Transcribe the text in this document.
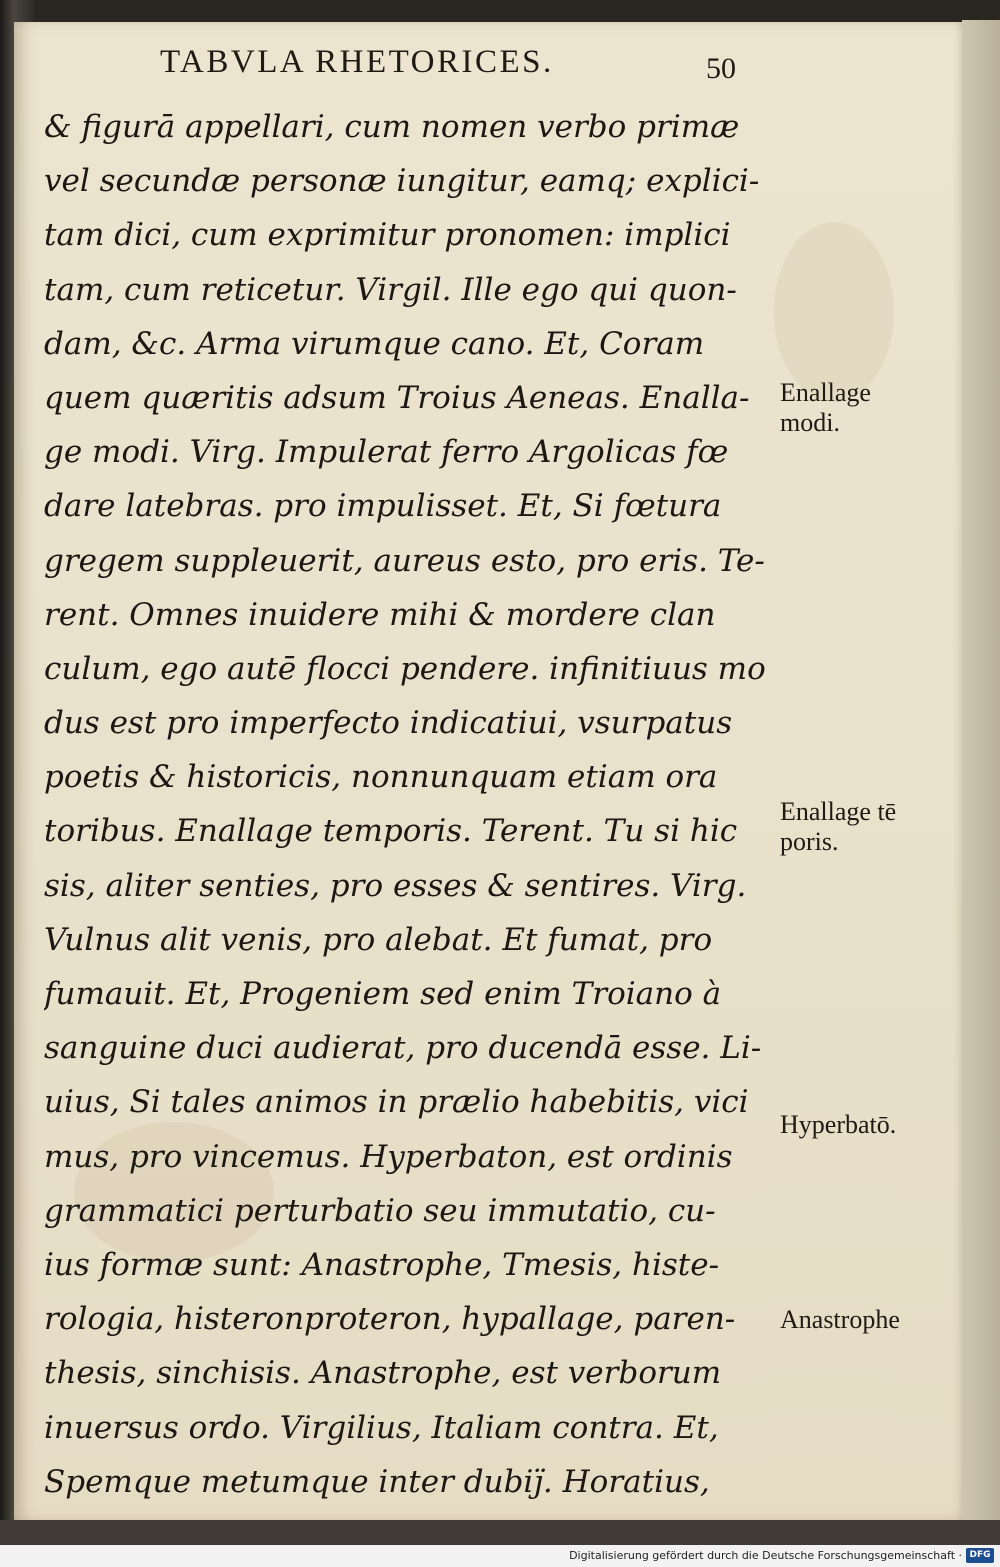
TABVLA RHETORICES.	50
& figurā appellari, cum nomen verbo primæ
vel secundæ personæ iungitur, eamq; explici-
tam dici, cum exprimitur pronomen: implici
tam, cum reticetur. Virgil. Ille ego qui quon-
dam, &c. Arma virumque cano. Et, Coram
quem quæritis adsum Troius Aeneas. Enalla-
ge modi. Virg. Impulerat ferro Argolicas fœ
dare latebras. pro impulisset. Et, Si fœtura
gregem suppleuerit, aureus esto, pro eris. Te-
rent. Omnes inuidere mihi & mordere clan
culum, ego autē flocci pendere. infinitiuus mo
dus est pro imperfecto indicatiui, vsurpatus
poetis & historicis, nonnunquam etiam ora
toribus. Enallage temporis. Terent. Tu si hic
sis, aliter senties, pro esses & sentires. Virg.
Vulnus alit venis, pro alebat. Et fumat, pro
fumauit. Et, Progeniem sed enim Troiano à
sanguine duci audierat, pro ducendā esse. Li-
uius, Si tales animos in prælio habebitis, vici
mus, pro vincemus. Hyperbaton, est ordinis
grammatici perturbatio seu immutatio, cu-
ius formæ sunt: Anastrophe, Tmesis, histe-
rologia, histeronproteron, hypallage, paren-
thesis, sinchisis. Anastrophe, est verborum
inuersus ordo. Virgilius, Italiam contra. Et,
Spemque metumque inter dubiȷ̈. Horatius,
Enallage
modi.
Enallage tē
poris.
Hyperbatō.
Anastrophe
Digitalisierung gefördert durch die Deutsche Forschungsgemeinschaft · DFG
